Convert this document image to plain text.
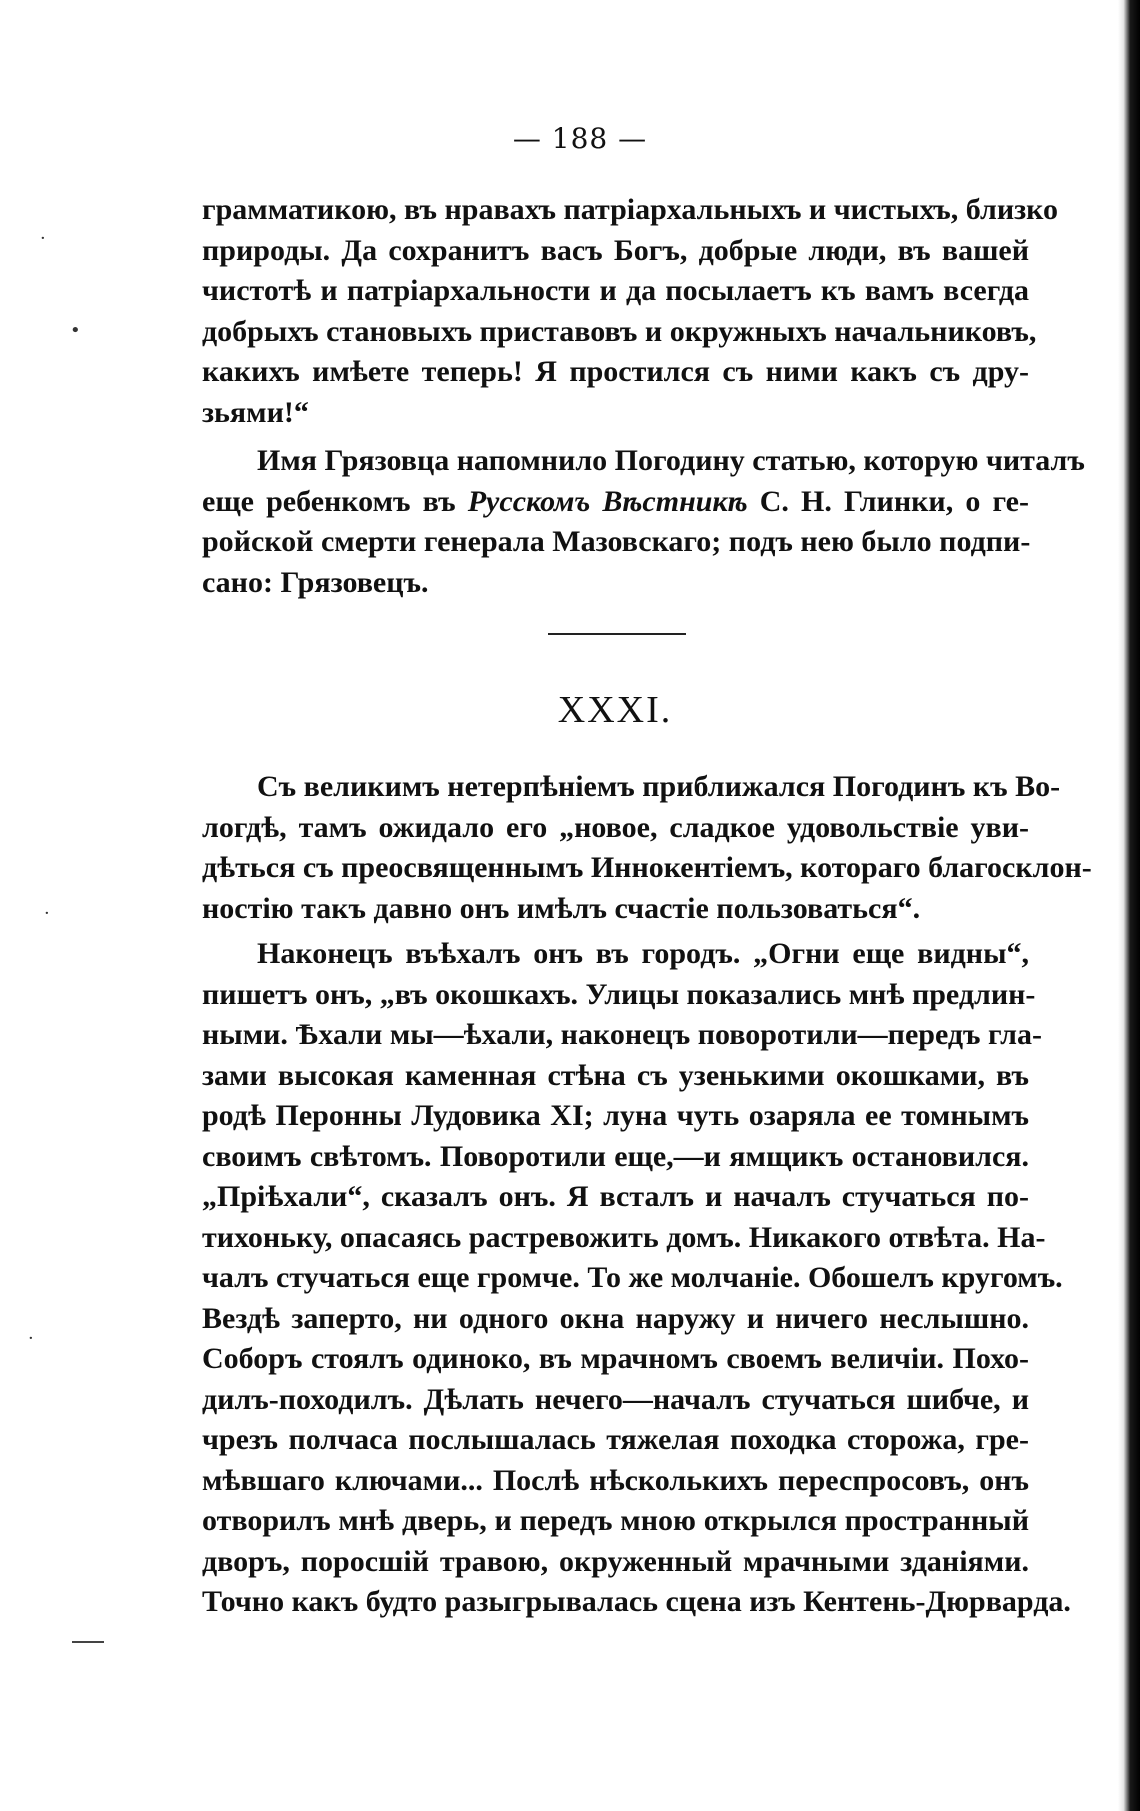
·
•
·
·
— 188 —
грамматикою, въ нравахъ патріархальныхъ и чистыхъ, близко
природы. Да сохранитъ васъ Богъ, добрые люди, въ вашей
чистотѣ и патріархальности и да посылаетъ къ вамъ всегда
добрыхъ становыхъ приставовъ и окружныхъ начальниковъ,
какихъ имѣете теперь! Я простился съ ними какъ съ дру-
зьями!“
Имя Грязовца напомнило Погодину статью, которую читалъ
еще ребенкомъ въ Русскомъ Вѣстникѣ С. Н. Глинки, о ге-
ройской смерти генерала Мазовскаго; подъ нею было подпи-
сано: Грязовецъ.
XXXI.
Съ великимъ нетерпѣніемъ приближался Погодинъ къ Во-
логдѣ, тамъ ожидало его „новое, сладкое удовольствіе уви-
дѣться съ преосвященнымъ Иннокентіемъ, котораго благосклон-
ностію такъ давно онъ имѣлъ счастіе пользоваться“.
Наконецъ въѣхалъ онъ въ городъ. „Огни еще видны“,
пишетъ онъ, „въ окошкахъ. Улицы показались мнѣ предлин-
ными. Ѣхали мы—ѣхали, наконецъ поворотили—передъ гла-
зами высокая каменная стѣна съ узенькими окошками, въ
родѣ Перонны Лудовика XI; луна чуть озаряла ее томнымъ
своимъ свѣтомъ. Поворотили еще,—и ямщикъ остановился.
„Пріѣхали“, сказалъ онъ. Я всталъ и началъ стучаться по-
тихоньку, опасаясь растревожить домъ. Никакого отвѣта. На-
чалъ стучаться еще громче. То же молчаніе. Обошелъ кругомъ.
Вездѣ заперто, ни одного окна наружу и ничего неслышно.
Соборъ стоялъ одиноко, въ мрачномъ своемъ величіи. Похо-
дилъ-походилъ. Дѣлать нечего—началъ стучаться шибче, и
чрезъ полчаса послышалась тяжелая походка сторожа, гре-
мѣвшаго ключами... Послѣ нѣсколькихъ переспросовъ, онъ
отворилъ мнѣ дверь, и передъ мною открылся пространный
дворъ, поросшій травою, окруженный мрачными зданіями.
Точно какъ будто разыгрывалась сцена изъ Кентень-Дюрварда.
